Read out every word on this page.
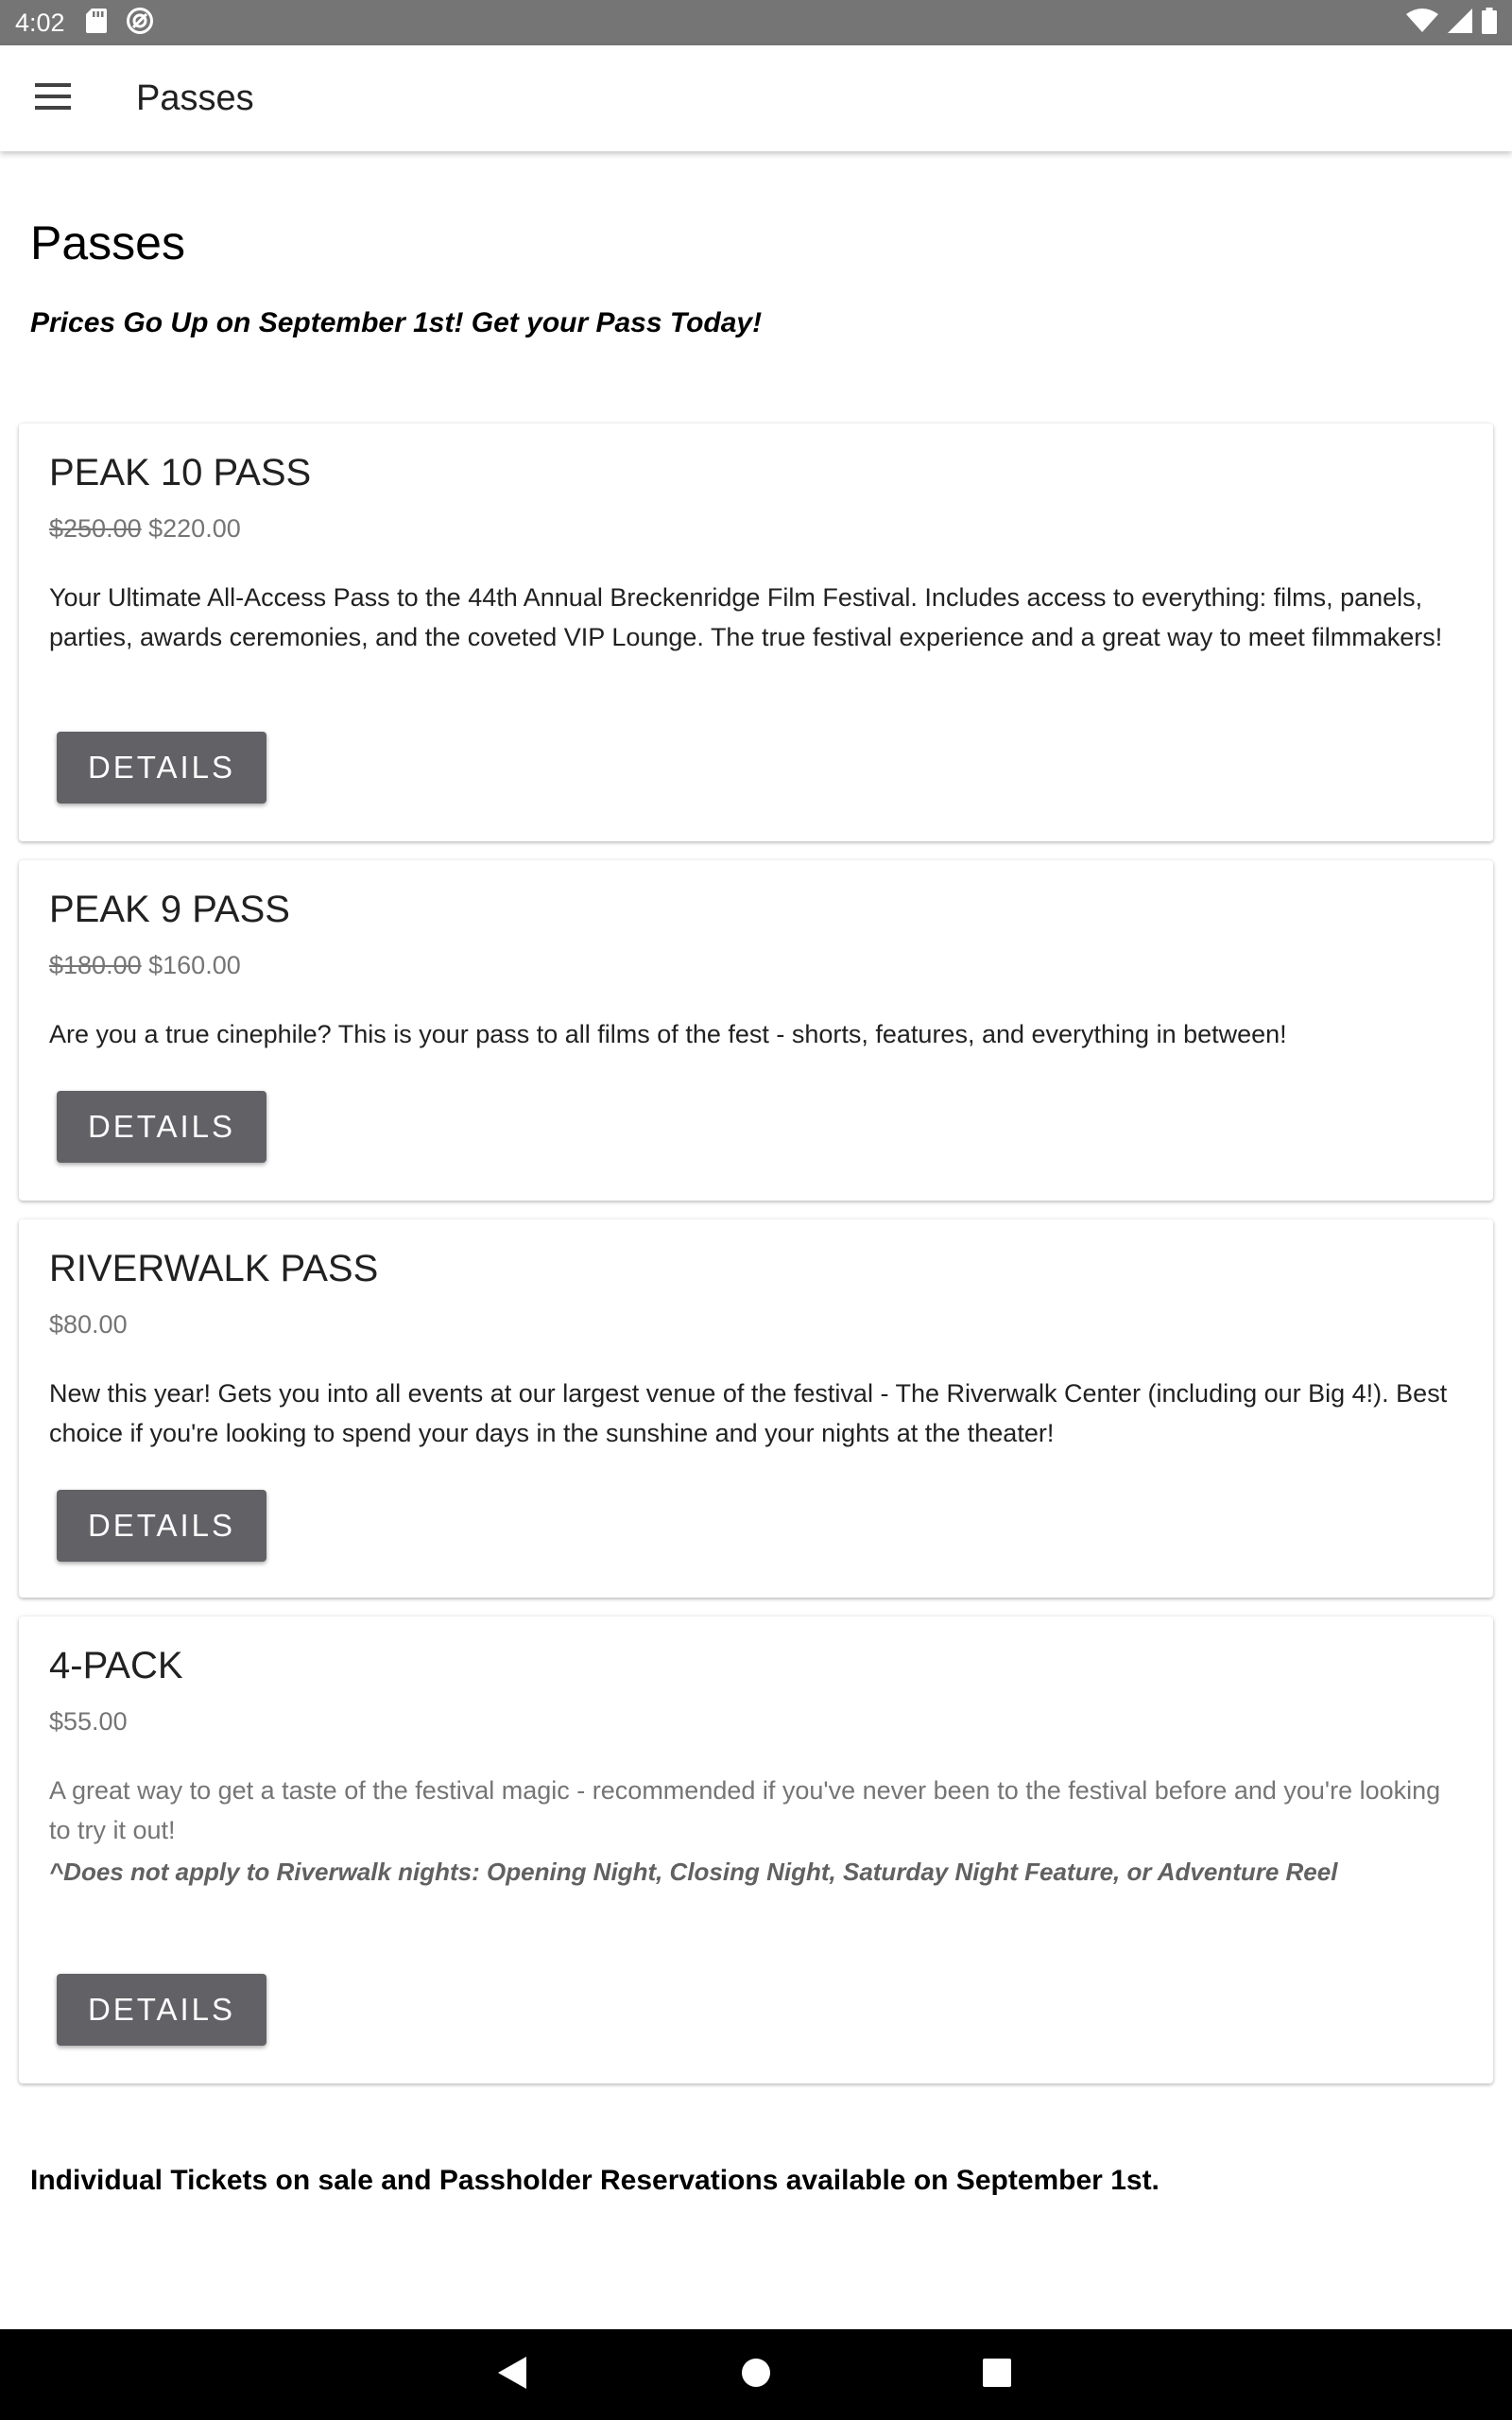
4:02
Passes
Passes

Prices Go Up on September 1st! Get your Pass Today!

PEAK 10 PASS
$250.00 $220.00

Your Ultimate All-Access Pass to the 44th Annual Breckenridge Film Festival. Includes access to everything: films, panels, parties, awards ceremonies, and the coveted VIP Lounge. The true festival experience and a great way to meet filmmakers!

DETAILS
PEAK 9 PASS
$180.00 $160.00

Are you a true cinephile? This is your pass to all films of the fest - shorts, features, and everything in between!

DETAILS
RIVERWALK PASS
$80.00

New this year! Gets you into all events at our largest venue of the festival - The Riverwalk Center (including our Big 4!). Best choice if you're looking to spend your days in the sunshine and your nights at the theater!

DETAILS
4-PACK
$55.00

A great way to get a taste of the festival magic - recommended if you've never been to the festival before and you're looking to try it out!

^Does not apply to Riverwalk nights: Opening Night, Closing Night, Saturday Night Feature, or Adventure Reel

DETAILS

Individual Tickets on sale and Passholder Reservations available on September 1st.
